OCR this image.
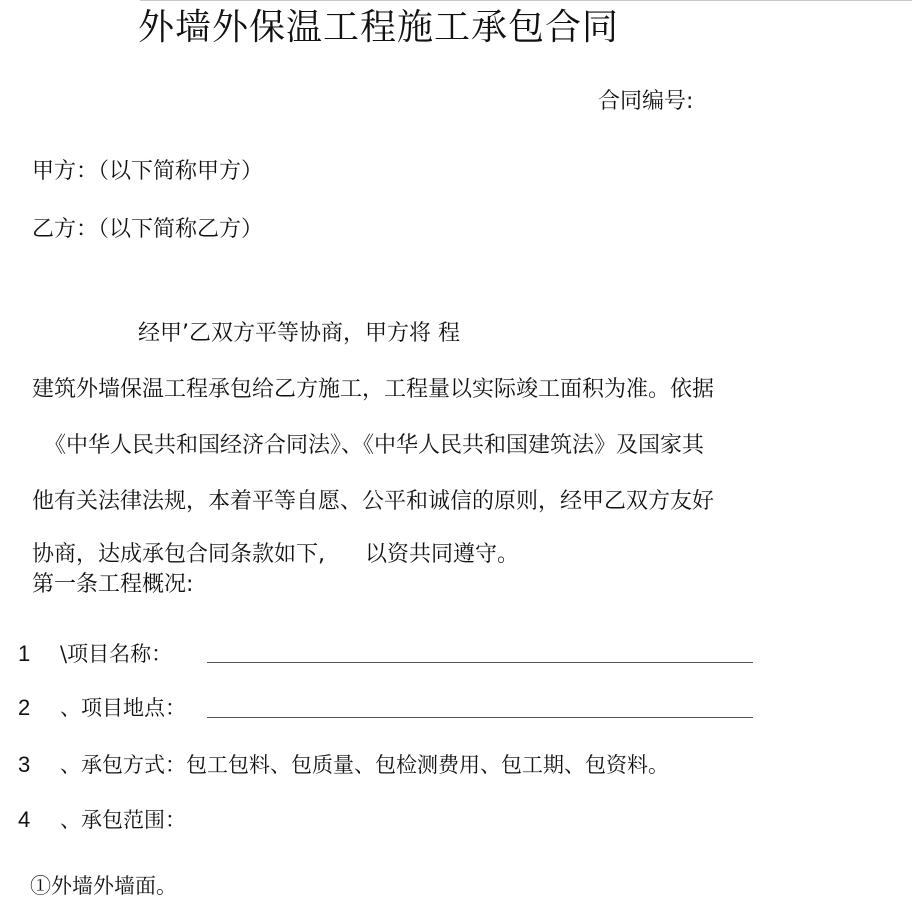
外墙外保温工程施工承包合同
合同编号:
甲方：（以下简称甲方）
乙方：（以下简称乙方）
经甲’乙双方平等协商，甲方将 程
建筑外墙保温工程承包给乙方施工，工程量以实际竣工面积为准。依据
《中华人民共和国经济合同法》、《中华人民共和国建筑法》及国家其
他有关法律法规，本着平等自愿、公平和诚信的原则，经甲乙双方友好
协商，达成承包合同条款如下, 以资共同遵守。
第一条工程概况:
1 \项目名称：
2 、项目地点：
3 、承包方式：包工包料、包质量、包检测费用、包工期、包资料。
4 、承包范围：
①外墙外墙面。
